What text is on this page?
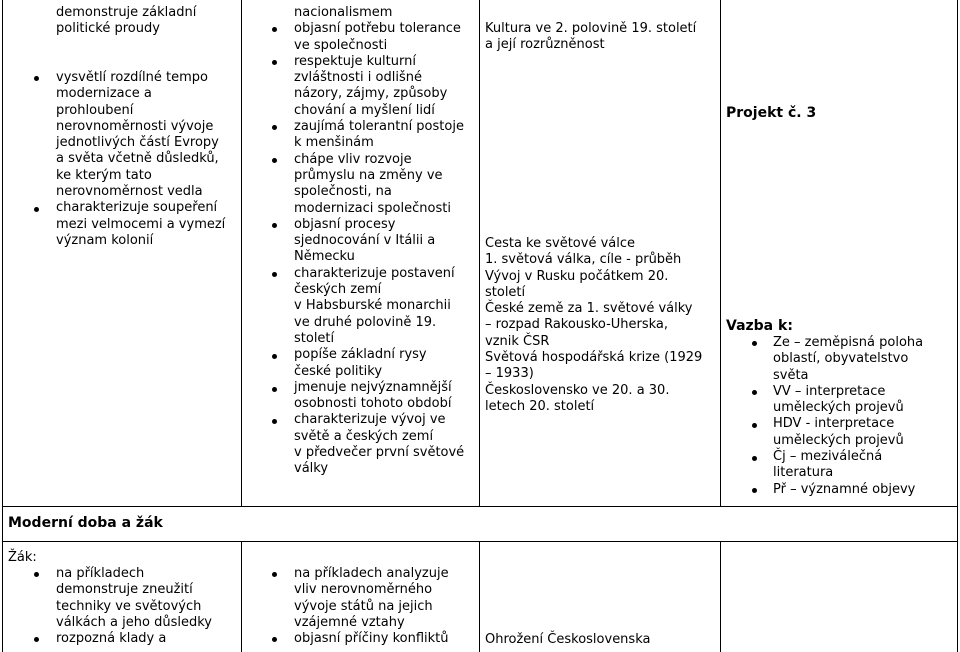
demonstruje základní
politické proudy
vysvětlí rozdílné tempo
modernizace a
prohloubení
nerovnoměrnosti vývoje
jednotlivých částí Evropy
a světa včetně důsledků,
ke kterým tato
nerovnoměrnost vedla
charakterizuje soupeření
mezi velmocemi a vymezí
význam kolonií
nacionalismem
objasní potřebu tolerance
ve společnosti
respektuje kulturní
zvláštnosti i odlišné
názory, zájmy, způsoby
chování a myšlení lidí
zaujímá tolerantní postoje
k menšinám
chápe vliv rozvoje
průmyslu na změny ve
společnosti, na
modernizaci společnosti
objasní procesy
sjednocování v Itálii a
Německu
charakterizuje postavení
českých zemí
v Habsburské monarchii
ve druhé polovině 19.
století
popíše základní rysy
české politiky
jmenuje nejvýznamnější
osobnosti tohoto období
charakterizuje vývoj ve
světě a českých zemí
v předvečer první světové
války
Kultura ve 2. polovině 19. století
a její rozrůzněnost
Cesta ke světové válce
1. světová válka, cíle - průběh
Vývoj v Rusku počátkem 20.
století
České země za 1. světové války
– rozpad Rakousko-Uherska,
vznik ČSR
Světová hospodářská krize (1929
– 1933)
Československo ve 20. a 30.
letech 20. století
Projekt č. 3
Vazba k:
Ze – zeměpisná poloha
oblastí, obyvatelstvo
světa
VV – interpretace
uměleckých projevů
HDV - interpretace
uměleckých projevů
Čj – meziválečná
literatura
Př – významné objevy
Moderní doba a žák
Žák:
na příkladech
demonstruje zneužití
techniky ve světových
válkách a jeho důsledky
rozpozná klady a
na příkladech analyzuje
vliv nerovnoměrného
vývoje států na jejich
vzájemné vztahy
objasní příčiny konfliktů	Ohrožení Československa
